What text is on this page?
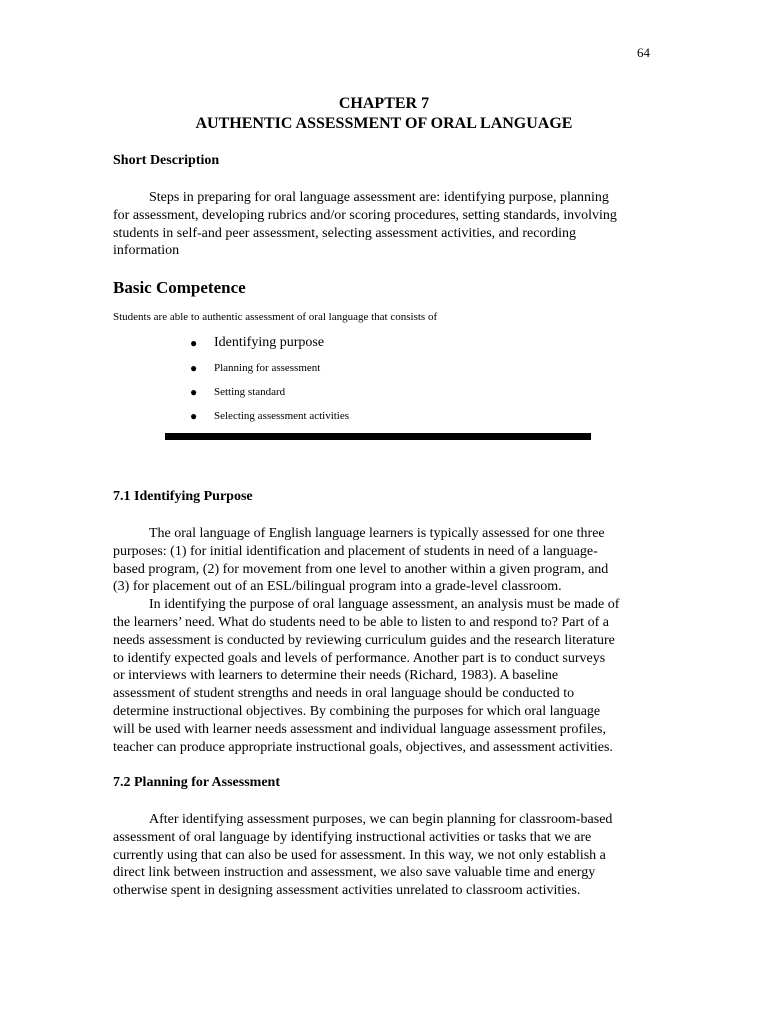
64
CHAPTER 7
AUTHENTIC ASSESSMENT OF ORAL LANGUAGE
Short Description
Steps in preparing for oral language assessment are: identifying purpose, planning
for assessment, developing rubrics and/or scoring procedures, setting standards, involving
students in self-and peer assessment, selecting assessment activities, and recording
information
Basic Competence
Students are able to authentic assessment of oral language that consists of
● Identifying purpose
● Planning for assessment
● Setting standard
● Selecting assessment activities
7.1 Identifying Purpose
The oral language of English language learners is typically assessed for one three
purposes: (1) for initial identification and placement of students in need of a language-
based program, (2) for movement from one level to another within a given program, and
(3) for placement out of an ESL/bilingual program into a grade-level classroom.
In identifying the purpose of oral language assessment, an analysis must be made of
the learners’ need. What do students need to be able to listen to and respond to? Part of a
needs assessment is conducted by reviewing curriculum guides and the research literature
to identify expected goals and levels of performance. Another part is to conduct surveys
or interviews with learners to determine their needs (Richard, 1983). A baseline
assessment of student strengths and needs in oral language should be conducted to
determine instructional objectives. By combining the purposes for which oral language
will be used with learner needs assessment and individual language assessment profiles,
teacher can produce appropriate instructional goals, objectives, and assessment activities.
7.2 Planning for Assessment
After identifying assessment purposes, we can begin planning for classroom-based
assessment of oral language by identifying instructional activities or tasks that we are
currently using that can also be used for assessment. In this way, we not only establish a
direct link between instruction and assessment, we also save valuable time and energy
otherwise spent in designing assessment activities unrelated to classroom activities.
